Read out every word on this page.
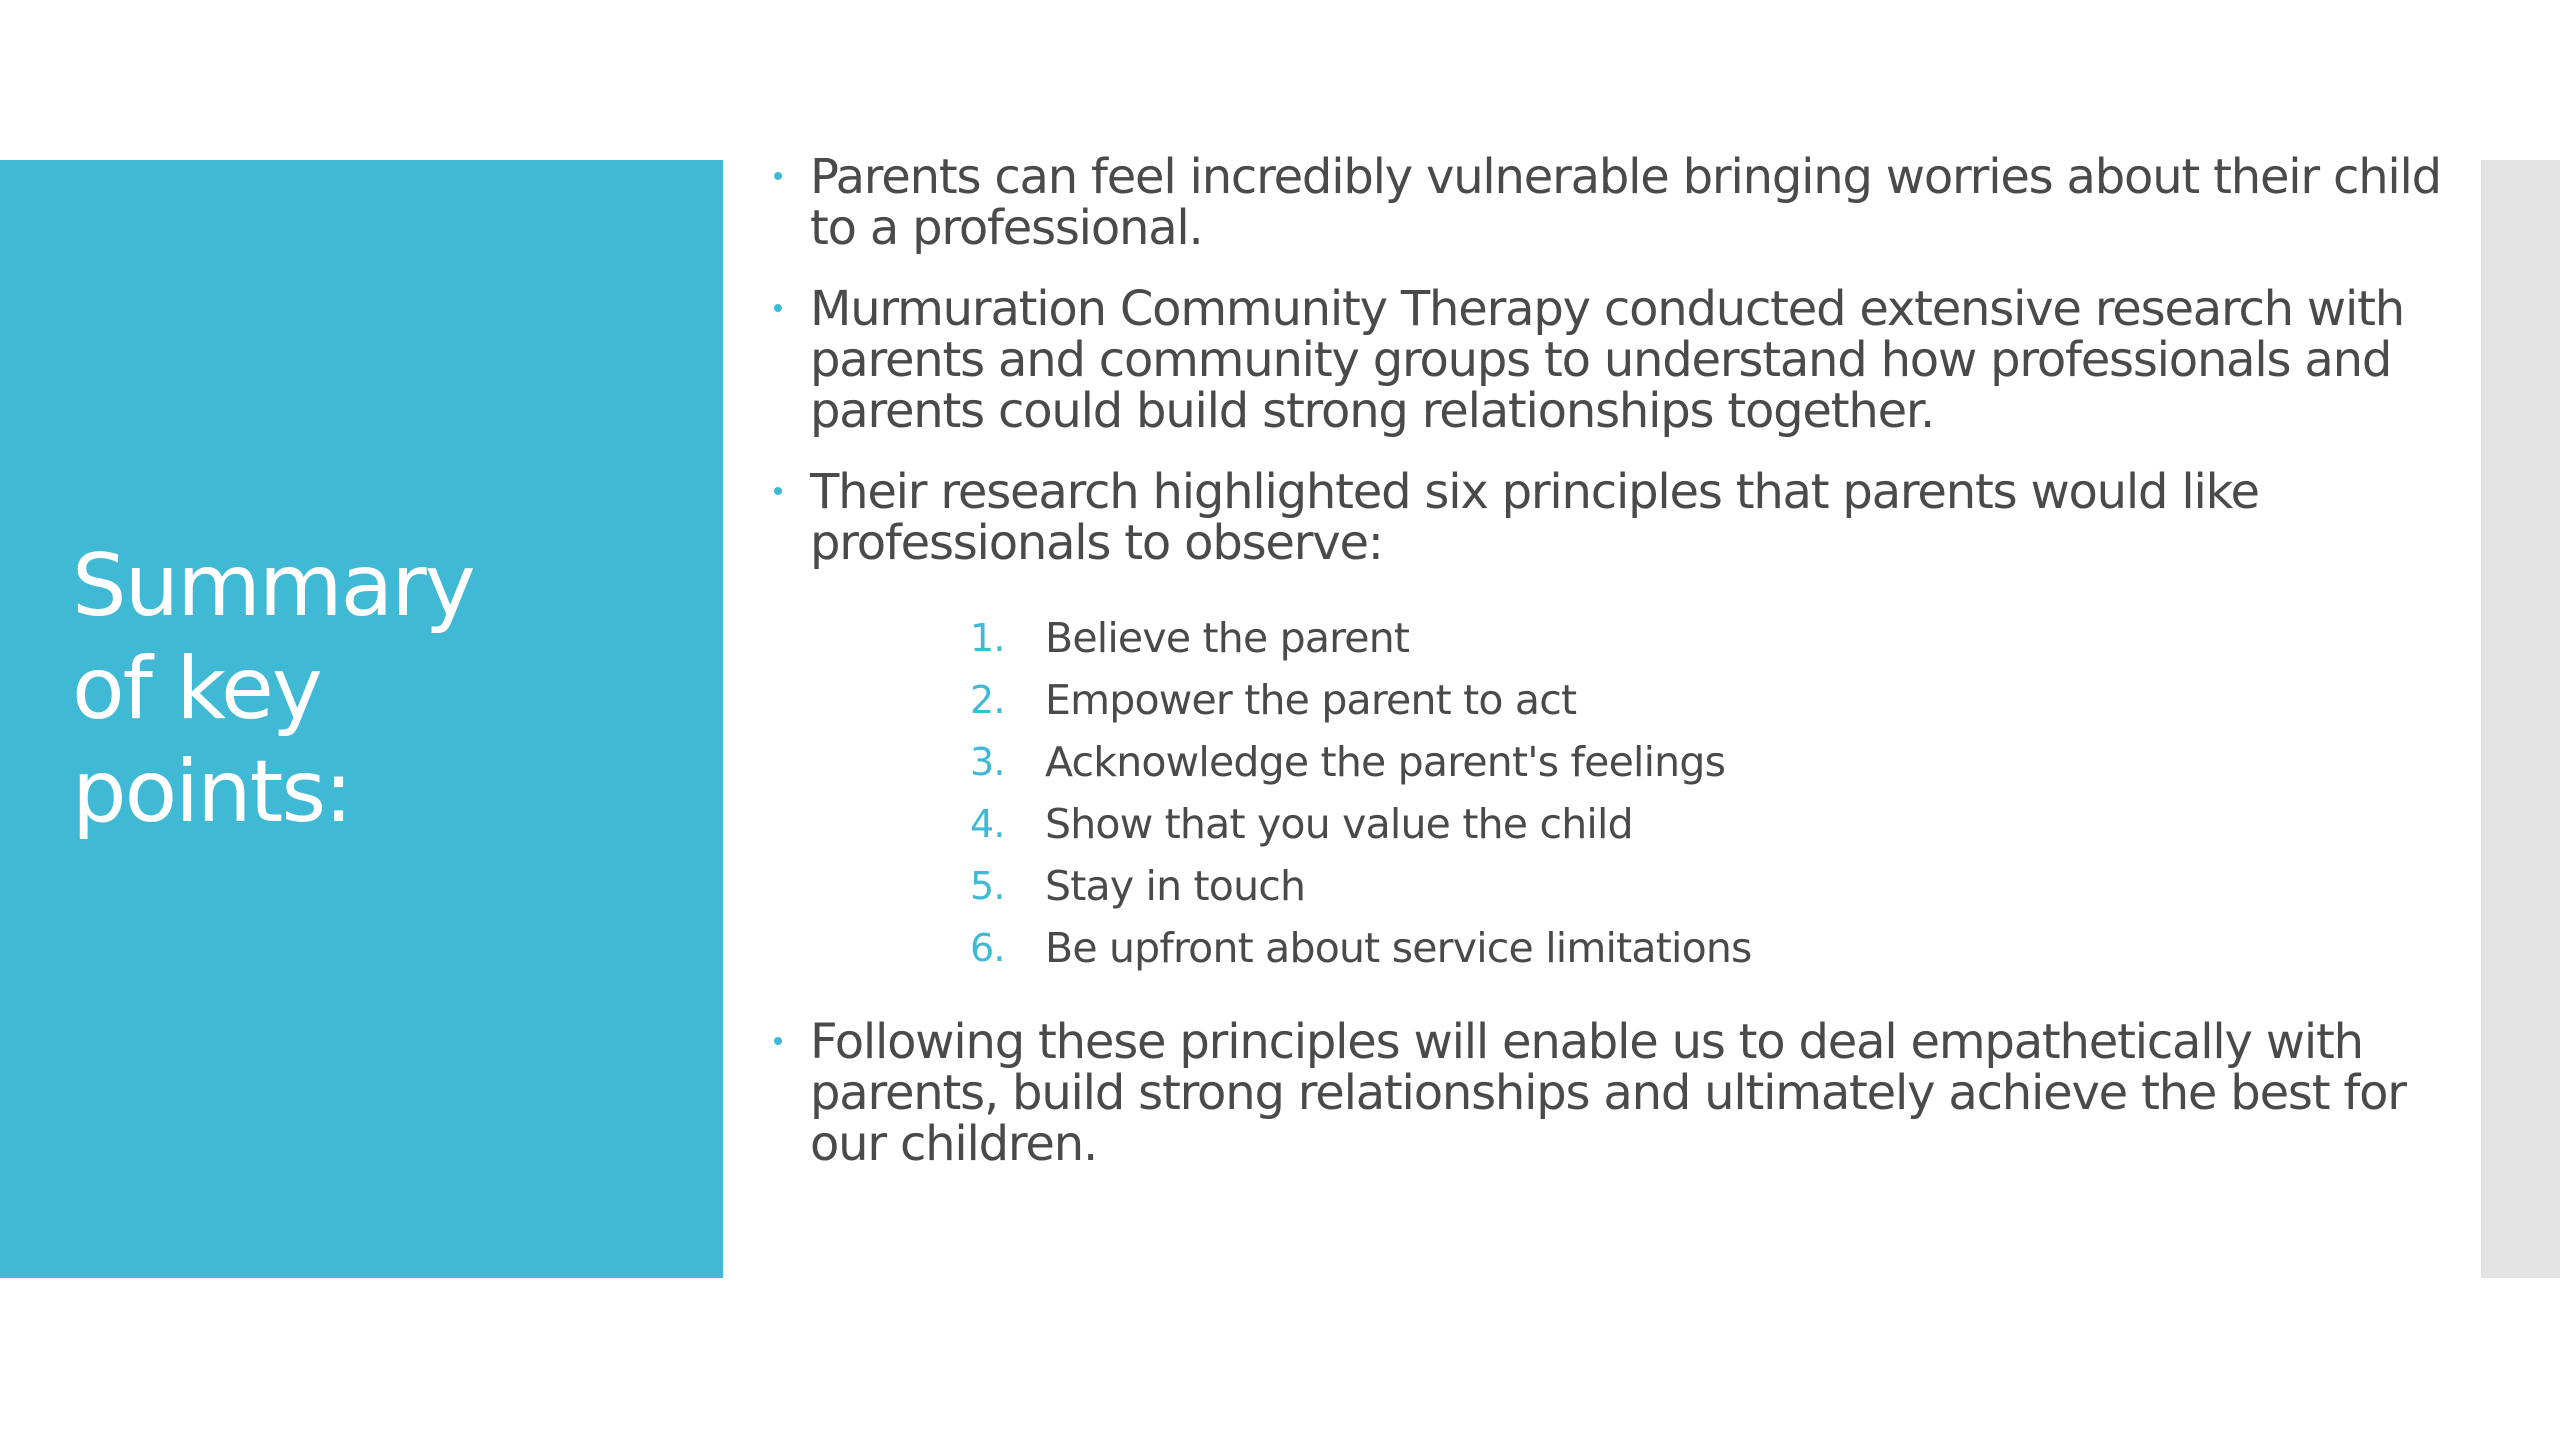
Summary
of key
points:
Parents can feel incredibly vulnerable bringing worries about their child to a professional.
Murmuration Community Therapy conducted extensive research with parents and community groups to understand how professionals and parents could build strong relationships together.
Their research highlighted six principles that parents would like professionals to observe:
1. Believe the parent
2. Empower the parent to act
3. Acknowledge the parent's feelings
4. Show that you value the child
5. Stay in touch
6. Be upfront about service limitations
Following these principles will enable us to deal empathetically with parents, build strong relationships and ultimately achieve the best for our children.
